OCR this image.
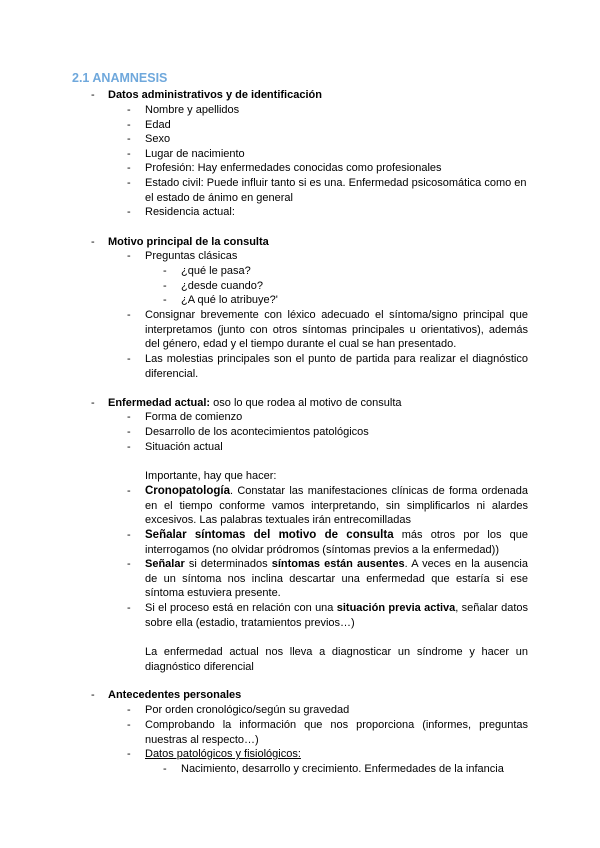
2.1 ANAMNESIS
- Datos administrativos y de identificación
- Nombre y apellidos
- Edad
- Sexo
- Lugar de nacimiento
- Profesión: Hay enfermedades conocidas como profesionales
- Estado civil: Puede influir tanto si es una. Enfermedad psicosomática como en el estado de ánimo en general
- Residencia actual:
- Motivo principal de la consulta
- Preguntas clásicas
- ¿qué le pasa?
- ¿desde cuando?
- ¿A qué lo atribuye?'
- Consignar brevemente con léxico adecuado el síntoma/signo principal que interpretamos (junto con otros síntomas principales u orientativos), además del género, edad y el tiempo durante el cual se han presentado.
- Las molestias principales son el punto de partida para realizar el diagnóstico diferencial.
- Enfermedad actual: oso lo que rodea al motivo de consulta
- Forma de comienzo
- Desarrollo de los acontecimientos patológicos
- Situación actual
Importante, hay que hacer:
- Cronopatología. Constatar las manifestaciones clínicas de forma ordenada en el tiempo conforme vamos interpretando, sin simplificarlos ni alardes excesivos. Las palabras textuales irán entrecomilladas
- Señalar síntomas del motivo de consulta más otros por los que interrogamos (no olvidar pródromos (síntomas previos a la enfermedad))
- Señalar si determinados síntomas están ausentes. A veces en la ausencia de un síntoma nos inclina descartar una enfermedad que estaría si ese síntoma estuviera presente.
- Si el proceso está en relación con una situación previa activa, señalar datos sobre ella (estadio, tratamientos previos…)
La enfermedad actual nos lleva a diagnosticar un síndrome y hacer un diagnóstico diferencial
- Antecedentes personales
- Por orden cronológico/según su gravedad
- Comprobando la información que nos proporciona (informes, preguntas nuestras al respecto…)
- Datos patológicos y fisiológicos:
- Nacimiento, desarrollo y crecimiento. Enfermedades de la infancia
